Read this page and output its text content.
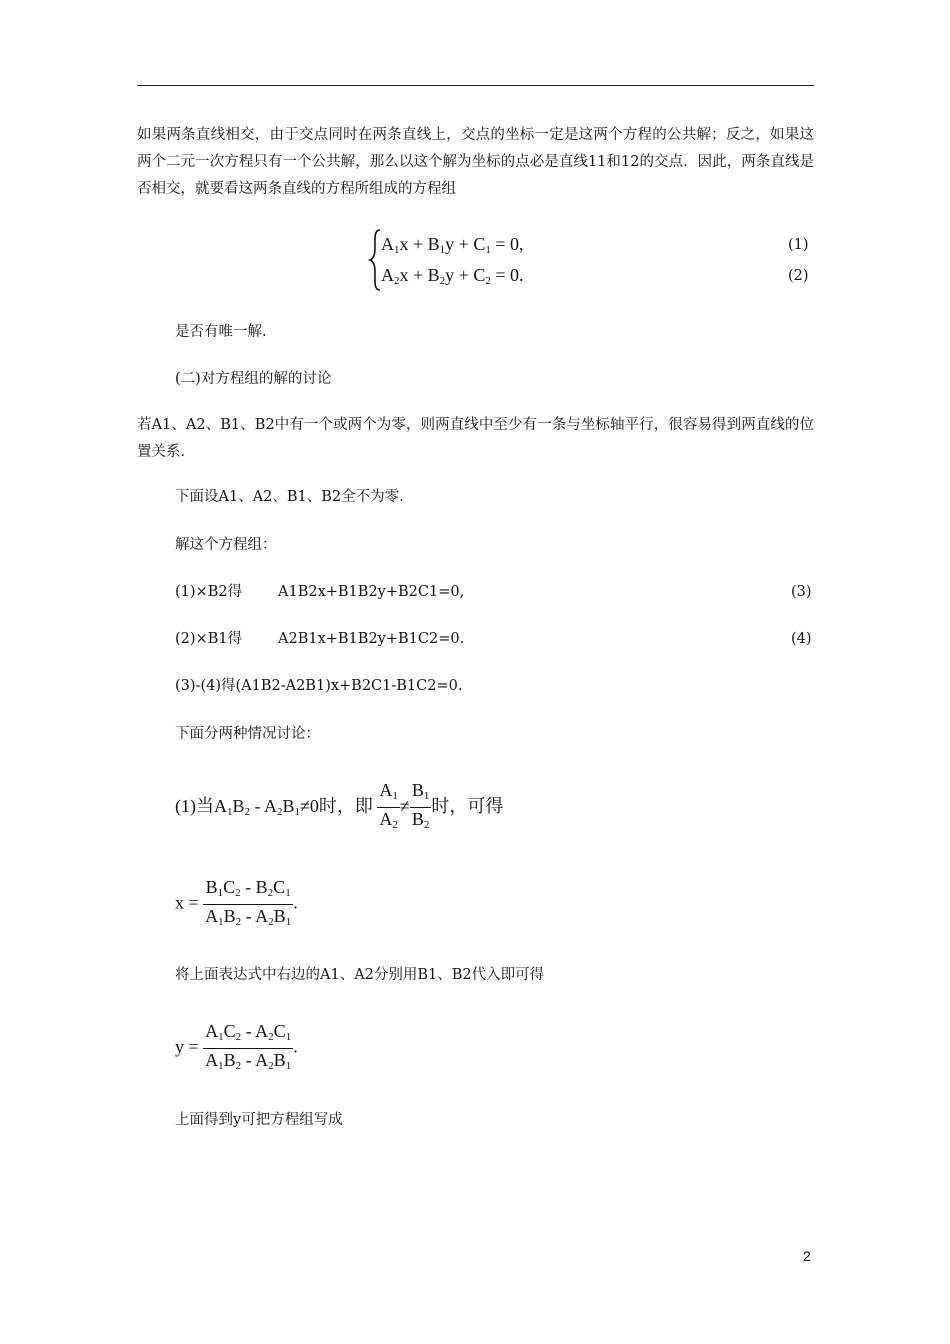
如果两条直线相交，由于交点同时在两条直线上，交点的坐标一定是这两个方程的公共解；反之，如果这两个二元一次方程只有一个公共解，那么以这个解为坐标的点必是直线11和12的交点．因此，两条直线是否相交，就要看这两条直线的方程所组成的方程组
$A_1x + B_1y + C_1 = 0$,
$A_2x + B_2y + C_2 = 0$.
(1)
(2)
是否有唯一解.
(二)对方程组的解的讨论
若A1、A2、B1、B2中有一个或两个为零，则两直线中至少有一条与坐标轴平行，很容易得到两直线的位置关系.
下面设A1、A2、B1、B2全不为零.
解这个方程组：
(1)×B2得 A1B2x+B1B2y+B2C1=0,	(3)
(2)×B1得 A2B1x+B1B2y+B1C2=0.	(4)
(3)-(4)得(A1B2-A2B1)x+B2C1-B1C2=0.
下面分两种情况讨论：
(1)当$A_1B_2 - A_2B_1\ne 0$时，即 $\frac{A_1}{A_2} \ne \frac{B_1}{B_2}$ 时，可得
$x = \frac{B_1C_2 - B_2C_1}{A_1B_2 - A_2B_1}$ .
将上面表达式中右边的A1、A2分别用B1、B2代入即可得
$y = \frac{A_1C_2 - A_2C_1}{A_1B_2 - A_2B_1}$ .
上面得到y可把方程组写成
2
